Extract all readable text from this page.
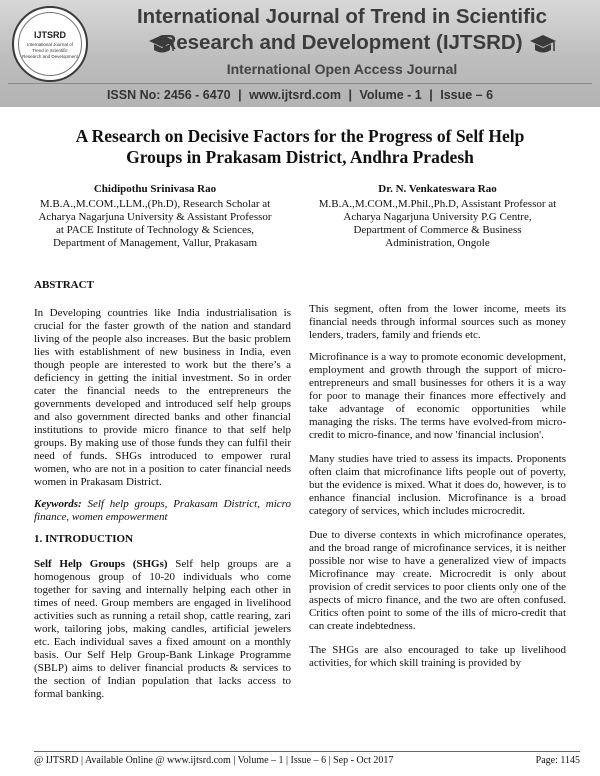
IJTSRD
International Journal of Trend in Scientific Research and Development
International Journal of Trend in Scientific
Research and Development (IJTSRD)
International Open Access Journal
ISSN No: 2456 - 6470 | www.ijtsrd.com | Volume - 1 | Issue – 6
A Research on Decisive Factors for the Progress of Self Help
Groups in Prakasam District, Andhra Pradesh
Chidipothu Srinivasa Rao
M.B.A.,M.COM.,LLM.,(Ph.D), Research Scholar at
Acharya Nagarjuna University & Assistant Professor
at PACE Institute of Technology & Sciences,
Department of Management, Vallur, Prakasam
Dr. N. Venkateswara Rao
M.B.A.,M.COM.,M.Phil.,Ph.D, Assistant Professor at
Acharya Nagarjuna University P.G Centre,
Department of Commerce & Business
Administration, Ongole
ABSTRACT

In Developing countries like India industrialisation is crucial for the faster growth of the nation and standard living of the people also increases. But the basic problem lies with establishment of new business in India, even though people are interested to work but the there’s a deficiency in getting the initial investment. So in order cater the financial needs to the entrepreneurs the governments developed and introduced self help groups and also government directed banks and other financial institutions to provide micro finance to that self help groups. By making use of those funds they can fulfil their need of funds. SHGs introduced to empower rural women, who are not in a position to cater financial needs women in Prakasam District.

Keywords: Self help groups, Prakasam District, micro finance, women empowerment

1. INTRODUCTION

Self Help Groups (SHGs) Self help groups are a homogenous group of 10-20 individuals who come together for saving and internally helping each other in times of need. Group members are engaged in livelihood activities such as running a retail shop, cattle rearing, zari work, tailoring jobs, making candles, artificial jewelers etc. Each individual saves a fixed amount on a monthly basis. Our Self Help Group-Bank Linkage Programme (SBLP) aims to deliver financial products & services to the section of Indian population that lacks access to formal banking.

This segment, often from the lower income, meets its financial needs through informal sources such as money lenders, traders, family and friends etc.

Microfinance is a way to promote economic development, employment and growth through the support of micro-entrepreneurs and small businesses for others it is a way for poor to manage their finances more effectively and take advantage of economic opportunities while managing the risks. The terms have evolved-from micro-credit to micro-finance, and now 'financial inclusion'.

Many studies have tried to assess its impacts. Proponents often claim that microfinance lifts people out of poverty, but the evidence is mixed. What it does do, however, is to enhance financial inclusion. Microfinance is a broad category of services, which includes microcredit.

Due to diverse contexts in which microfinance operates, and the broad range of microfinance services, it is neither possible nor wise to have a generalized view of impacts Microfinance may create. Microcredit is only about provision of credit services to poor clients only one of the aspects of micro finance, and the two are often confused. Critics often point to some of the ills of micro-credit that can create indebtedness.

The SHGs are also encouraged to take up livelihood activities, for which skill training is provided by

@ IJTSRD | Available Online @ www.ijtsrd.com | Volume – 1 | Issue – 6 | Sep - Oct 2017	Page: 1145
